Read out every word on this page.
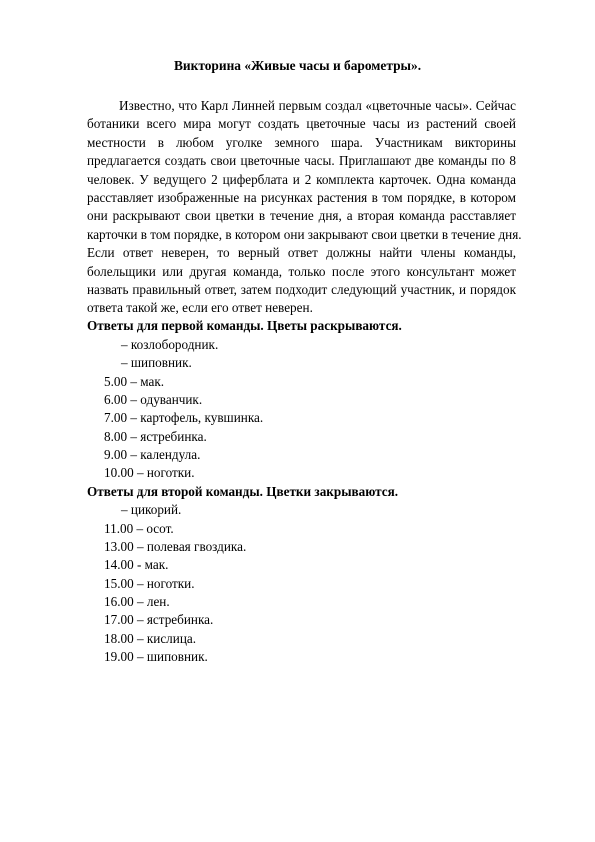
Викторина «Живые часы и барометры».
Известно, что Карл Линней первым создал «цветочные часы». Сейчас
ботаники всего мира могут создать цветочные часы из растений своей
местности в любом уголке земного шара. Участникам викторины
предлагается создать свои цветочные часы. Приглашают две команды по 8
человек. У ведущего 2 циферблата и 2 комплекта карточек. Одна команда
расставляет изображенные на рисунках растения в том порядке, в котором
они раскрывают свои цветки в течение дня, а вторая команда расставляет
карточки в том порядке, в котором они закрывают свои цветки в течение дня.
Если ответ неверен, то верный ответ должны найти члены команды,
болельщики или другая команда, только после этого консультант может
назвать правильный ответ, затем подходит следующий участник, и порядок
ответа такой же, если его ответ неверен.
Ответы для первой команды. Цветы раскрываются.
– козлобородник.
– шиповник.
5.00 – мак.
6.00 – одуванчик.
7.00 – картофель, кувшинка.
8.00 – ястребинка.
9.00 – календула.
10.00 – ноготки.
Ответы для второй команды. Цветки закрываются.
– цикорий.
11.00 – осот.
13.00 – полевая гвоздика.
14.00 - мак.
15.00 – ноготки.
16.00 – лен.
17.00 – ястребинка.
18.00 – кислица.
19.00 – шиповник.
